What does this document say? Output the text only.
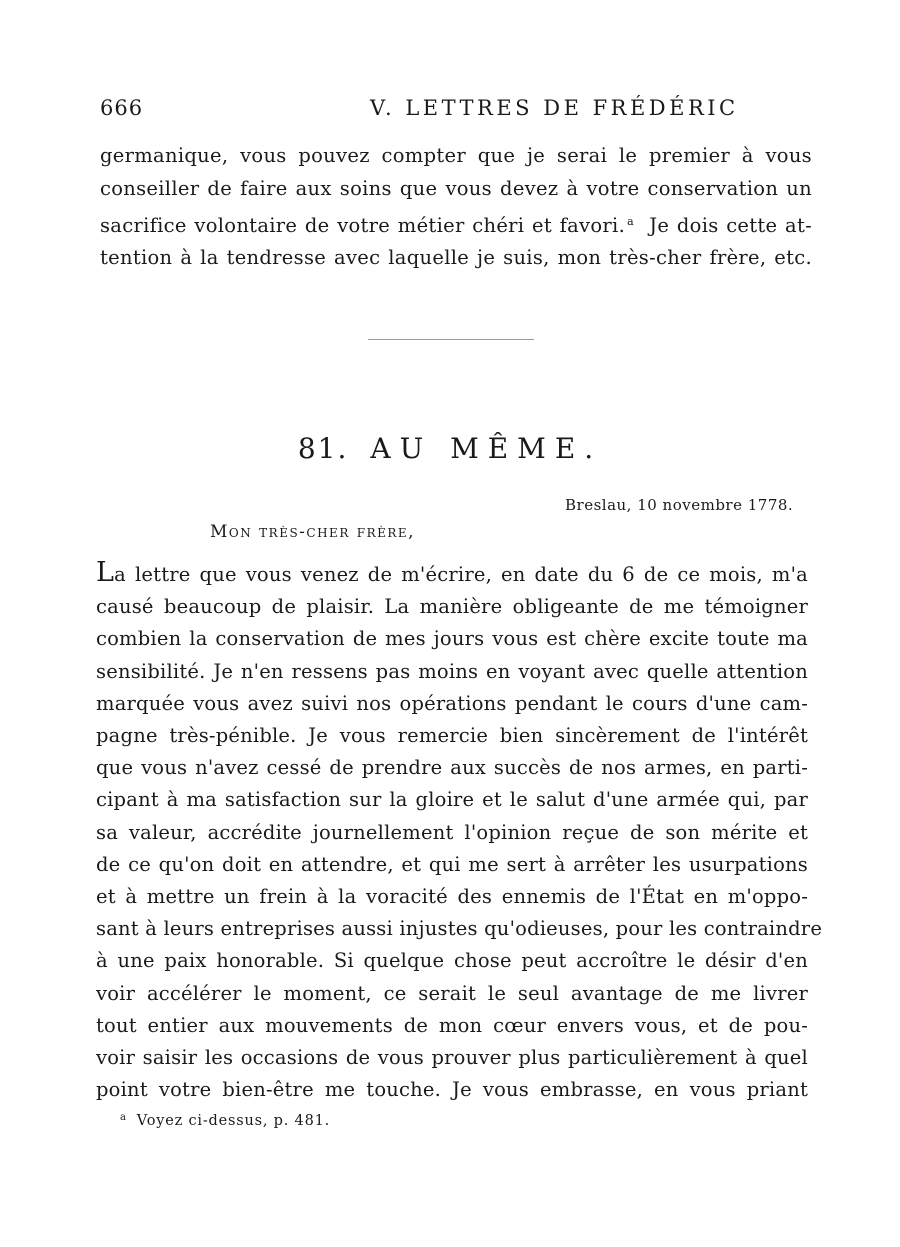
666	V. LETTRES DE FRÉDÉRIC
germanique, vous pouvez compter que je serai le premier à vous
conseiller de faire aux soins que vous devez à votre conservation un
sacrifice volontaire de votre métier chéri et favori. $^a$ Je dois cette at-
tention à la tendresse avec laquelle je suis, mon très-cher frère, etc.
81. AU MÊME.
Breslau, 10 novembre 1778.
Mon très-cher frère,
La lettre que vous venez de m'écrire, en date du 6 de ce mois, m'a
causé beaucoup de plaisir. La manière obligeante de me témoigner
combien la conservation de mes jours vous est chère excite toute ma
sensibilité. Je n'en ressens pas moins en voyant avec quelle attention
marquée vous avez suivi nos opérations pendant le cours d'une cam-
pagne très-pénible. Je vous remercie bien sincèrement de l'intérêt
que vous n'avez cessé de prendre aux succès de nos armes, en parti-
cipant à ma satisfaction sur la gloire et le salut d'une armée qui, par
sa valeur, accrédite journellement l'opinion reçue de son mérite et
de ce qu'on doit en attendre, et qui me sert à arrêter les usurpations
et à mettre un frein à la voracité des ennemis de l'État en m'oppo-
sant à leurs entreprises aussi injustes qu'odieuses, pour les contraindre
à une paix honorable. Si quelque chose peut accroître le désir d'en
voir accélérer le moment, ce serait le seul avantage de me livrer
tout entier aux mouvements de mon cœur envers vous, et de pou-
voir saisir les occasions de vous prouver plus particulièrement à quel
point votre bien-être me touche. Je vous embrasse, en vous priant
$^a$ Voyez ci-dessus, p. 481.
